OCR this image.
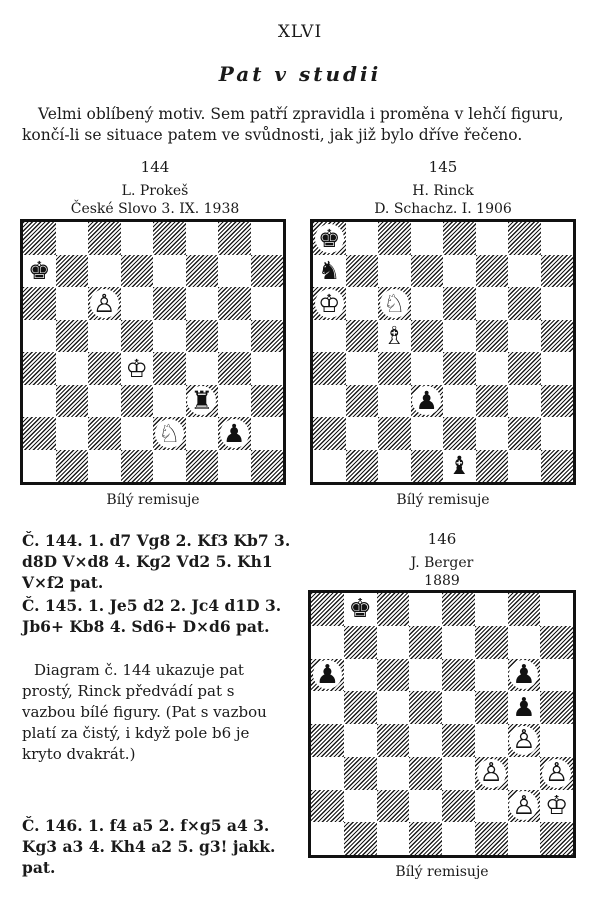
XLVI
Pat v studii
Velmi oblíbený motiv. Sem patří zpravidla i proměna v lehčí figuru, končí-li se situace patem ve svůdnosti, jak již bylo dříve řečeno.
144
L. Prokeš
České Slovo 3. IX. 1938
145
H. Rinck
D. Schachz. I. 1906
♚
♙
♔
♜
♘ ♟
♚
♞
♔ ♘
♗
♟
♝
Bílý remisuje	Bílý remisuje
Č. 144. 1. d7 Vg8 2. Kf3 Kb7 3. d8D V×d8 4. Kg2 Vd2 5. Kh1 V×f2 pat.
Č. 145. 1. Je5 d2 2. Jc4 d1D 3. Jb6+ Kb8 4. Sd6+ D×d6 pat.
Diagram č. 144 ukazuje pat prostý, Rinck předvádí pat s vazbou bílé figury. (Pat s vazbou platí za čistý, i když pole b6 je kryto dvakrát.)
Č. 146. 1. f4 a5 2. f×g5 a4 3. Kg3 a3 4. Kh4 a2 5. g3! jakk. pat.
146
J. Berger
1889
♚
♟	♟
♟
♙
♙ ♙
♙ ♔
Bílý remisuje
